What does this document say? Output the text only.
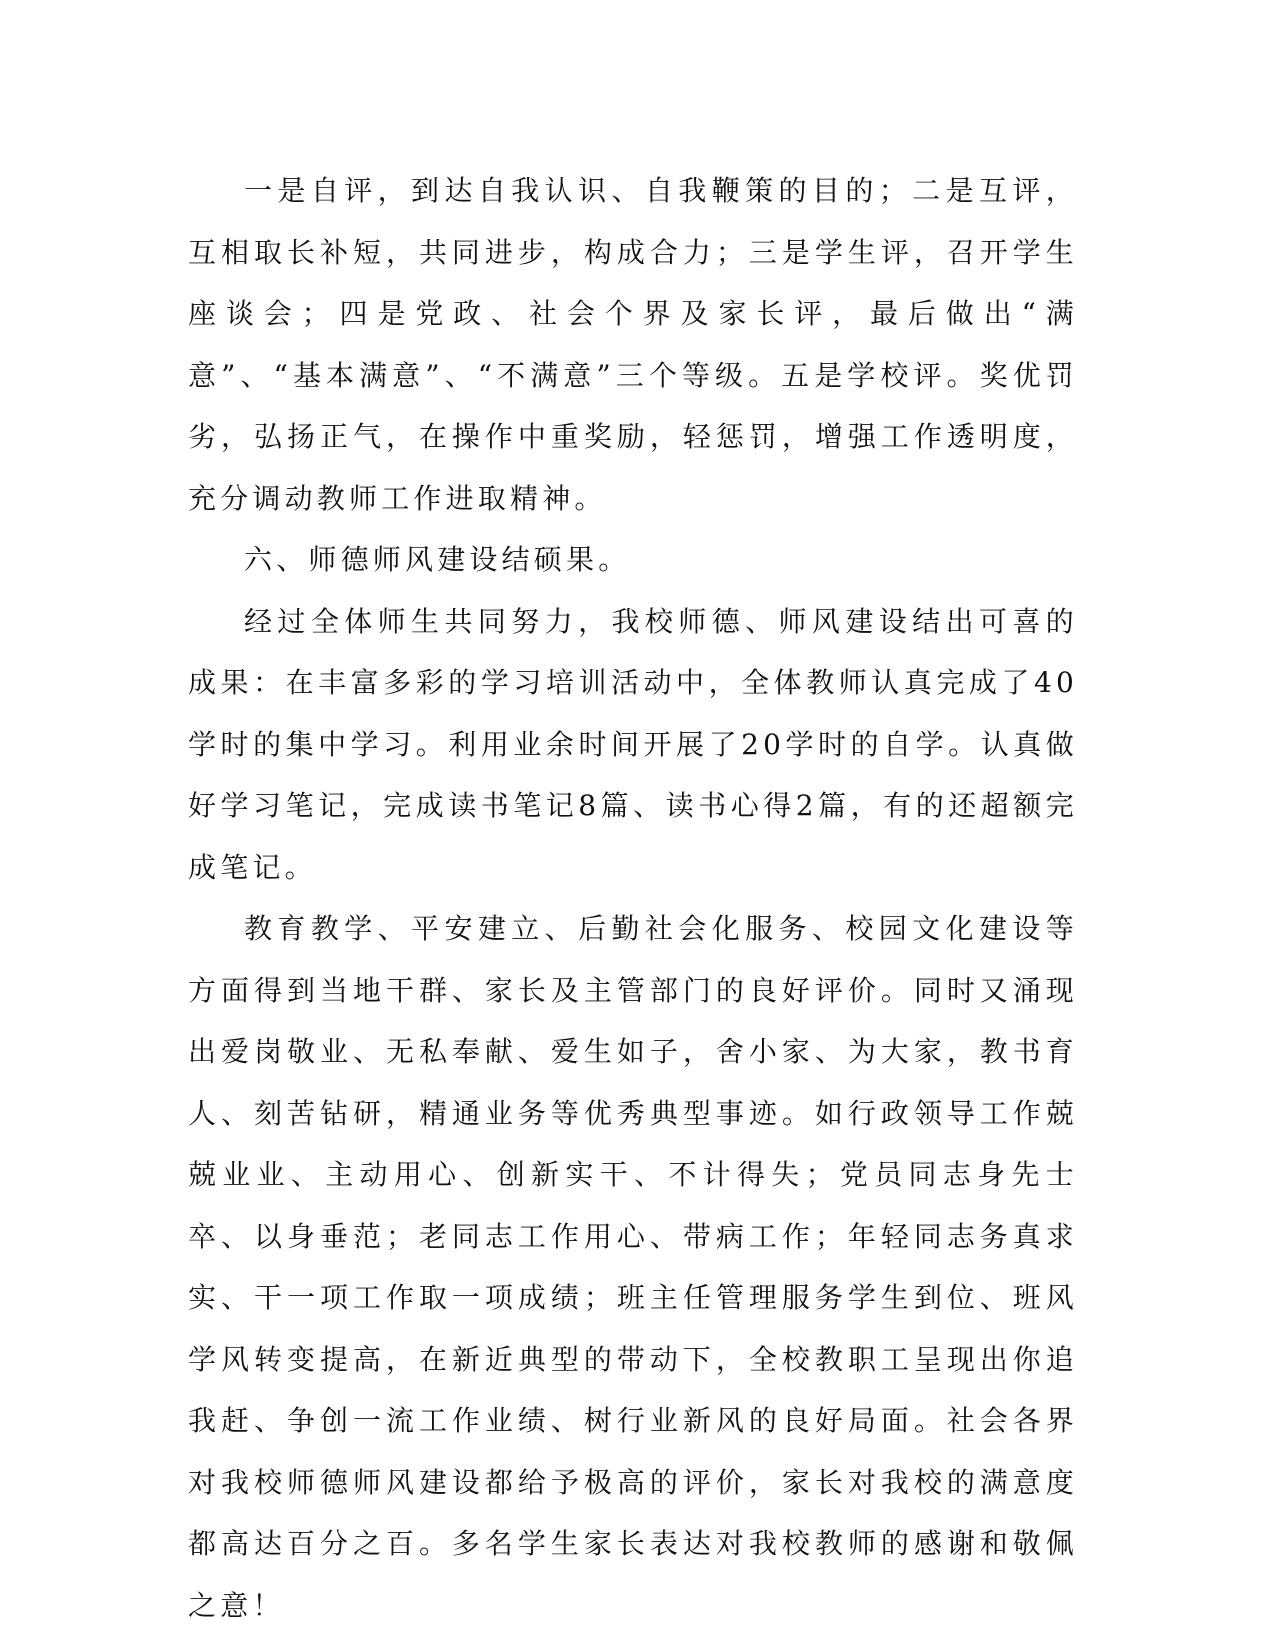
一是自评，到达自我认识、自我鞭策的目的；二是互评，互相取长补短，共同进步，构成合力；三是学生评，召开学生座谈会；四是党政、社会个界及家长评，最后做出“满意”、“基本满意”、“不满意”三个等级。五是学校评。奖优罚劣，弘扬正气，在操作中重奖励，轻惩罚，增强工作透明度，充分调动教师工作进取精神。

六、师德师风建设结硕果。

经过全体师生共同努力，我校师德、师风建设结出可喜的成果：在丰富多彩的学习培训活动中，全体教师认真完成了40学时的集中学习。利用业余时间开展了20学时的自学。认真做好学习笔记，完成读书笔记8篇、读书心得2篇，有的还超额完成笔记。

教育教学、平安建立、后勤社会化服务、校园文化建设等方面得到当地干群、家长及主管部门的良好评价。同时又涌现出爱岗敬业、无私奉献、爱生如子，舍小家、为大家，教书育人、刻苦钻研，精通业务等优秀典型事迹。如行政领导工作兢兢业业、主动用心、创新实干、不计得失；党员同志身先士卒、以身垂范；老同志工作用心、带病工作；年轻同志务真求实、干一项工作取一项成绩；班主任管理服务学生到位、班风学风转变提高，在新近典型的带动下，全校教职工呈现出你追我赶、争创一流工作业绩、树行业新风的良好局面。社会各界对我校师德师风建设都给予极高的评价，家长对我校的满意度都高达百分之百。多名学生家长表达对我校教师的感谢和敬佩之意！
